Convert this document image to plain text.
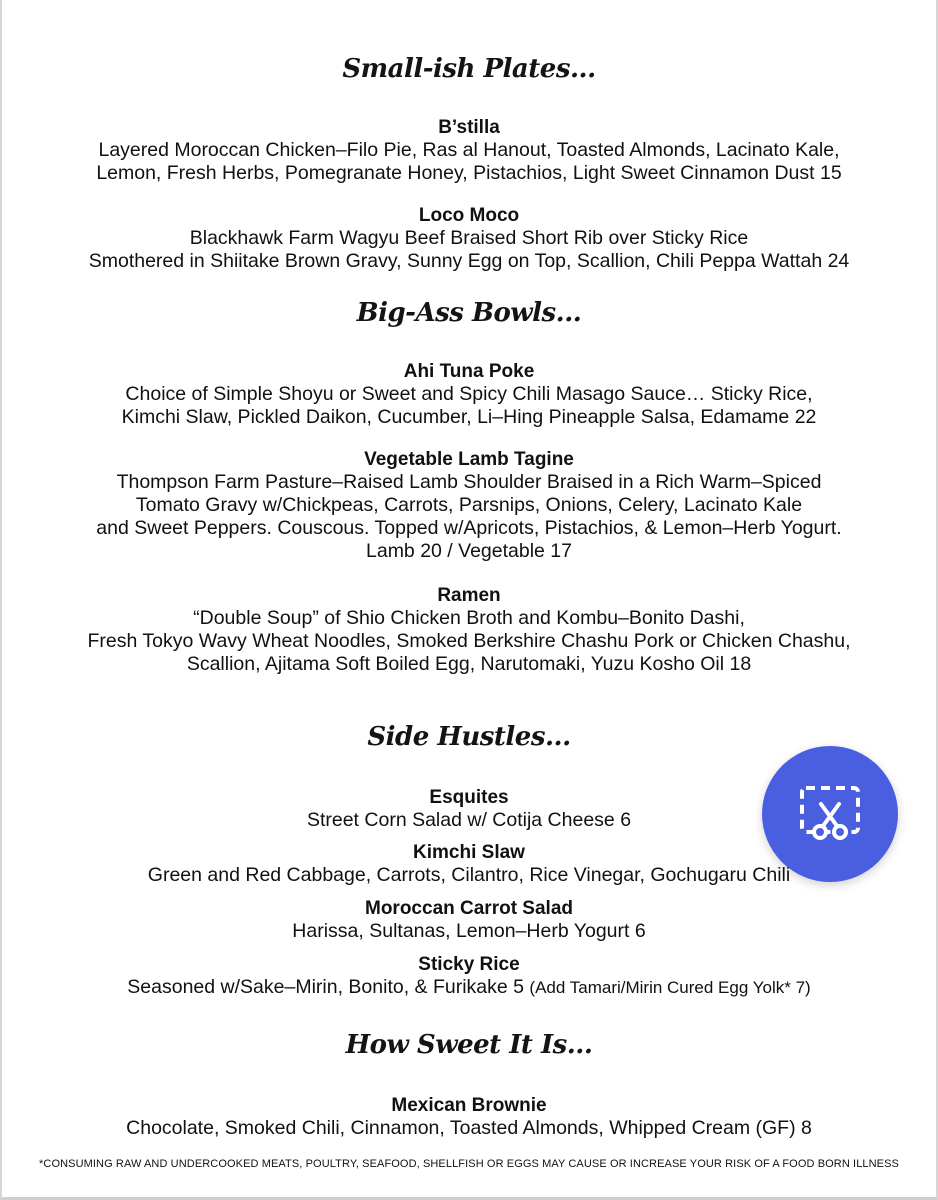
Small-ish Plates...
B’stilla
Layered Moroccan Chicken–Filo Pie, Ras al Hanout, Toasted Almonds, Lacinato Kale,
Lemon, Fresh Herbs, Pomegranate Honey, Pistachios, Light Sweet Cinnamon Dust 15
Loco Moco
Blackhawk Farm Wagyu Beef Braised Short Rib over Sticky Rice
Smothered in Shiitake Brown Gravy, Sunny Egg on Top, Scallion, Chili Peppa Wattah 24
Big-Ass Bowls...
Ahi Tuna Poke
Choice of Simple Shoyu or Sweet and Spicy Chili Masago Sauce… Sticky Rice,
Kimchi Slaw, Pickled Daikon, Cucumber, Li–Hing Pineapple Salsa, Edamame 22
Vegetable Lamb Tagine
Thompson Farm Pasture–Raised Lamb Shoulder Braised in a Rich Warm–Spiced
Tomato Gravy w/Chickpeas, Carrots, Parsnips, Onions, Celery, Lacinato Kale
and Sweet Peppers. Couscous. Topped w/Apricots, Pistachios, & Lemon–Herb Yogurt.
Lamb 20 / Vegetable 17
Ramen
“Double Soup” of Shio Chicken Broth and Kombu–Bonito Dashi,
Fresh Tokyo Wavy Wheat Noodles, Smoked Berkshire Chashu Pork or Chicken Chashu,
Scallion, Ajitama Soft Boiled Egg, Narutomaki, Yuzu Kosho Oil 18
Side Hustles...
Esquites
Street Corn Salad w/ Cotija Cheese 6
Kimchi Slaw
Green and Red Cabbage, Carrots, Cilantro, Rice Vinegar, Gochugaru Chili
Moroccan Carrot Salad
Harissa, Sultanas, Lemon–Herb Yogurt 6
Sticky Rice
Seasoned w/Sake–Mirin, Bonito, & Furikake 5 (Add Tamari/Mirin Cured Egg Yolk* 7)
How Sweet It Is...
Mexican Brownie
Chocolate, Smoked Chili, Cinnamon, Toasted Almonds, Whipped Cream (GF) 8
*CONSUMING RAW AND UNDERCOOKED MEATS, POULTRY, SEAFOOD, SHELLFISH OR EGGS MAY CAUSE OR INCREASE YOUR RISK OF A FOOD BORN ILLNESS
